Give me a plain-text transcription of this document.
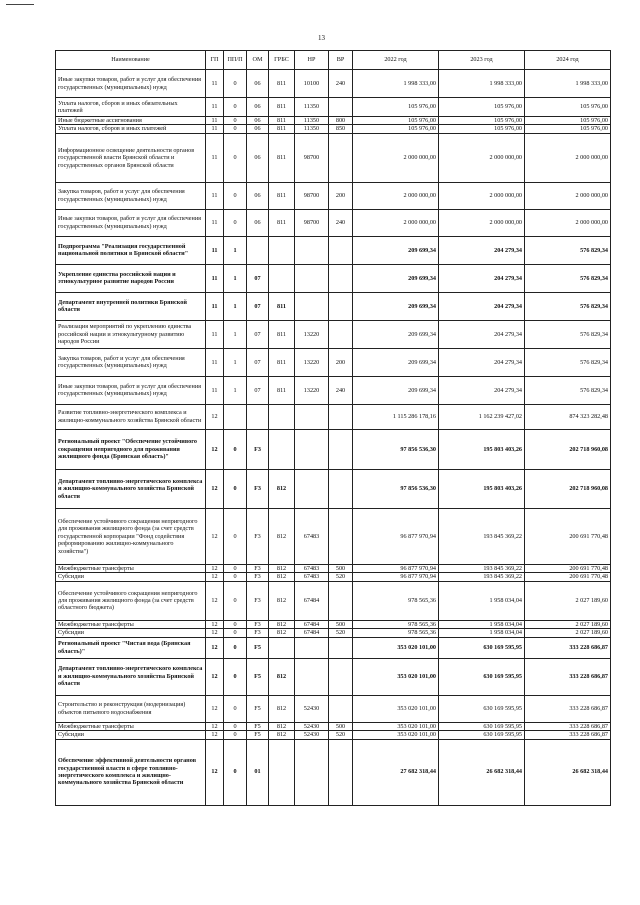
13
Наименование	ГП	ПП/П	ОМ	ГРБС	НР	ВР	2022 год	2023 год	2024 год
Иные закупки товаров, работ и услуг для обеспечения государственных (муниципальных) нужд	11	0	06	811	10100	240	1 998 333,00	1 998 333,00	1 998 333,00
Уплата налогов, сборов и иных обязательных платежей	11	0	06	811	11350		105 976,00	105 976,00	105 976,00
Иные бюджетные ассигнования	11	0	06	811	11350	800	105 976,00	105 976,00	105 976,00
Уплата налогов, сборов и иных платежей	11	0	06	811	11350	850	105 976,00	105 976,00	105 976,00
Информационное освещение деятельности органов государственной власти Брянской области и государственных органов Брянской области	11	0	06	811	98700		2 000 000,00	2 000 000,00	2 000 000,00
Закупка товаров, работ и услуг для обеспечения государственных (муниципальных) нужд	11	0	06	811	98700	200	2 000 000,00	2 000 000,00	2 000 000,00
Иные закупки товаров, работ и услуг для обеспечения государственных (муниципальных) нужд	11	0	06	811	98700	240	2 000 000,00	2 000 000,00	2 000 000,00
Подпрограмма "Реализация государственной национальной политики в Брянской области"	11	1					209 699,34	204 279,34	576 829,34
Укрепление единства российской нации и этнокультурное развитие народов России	11	1	07				209 699,34	204 279,34	576 829,34
Департамент внутренней политики Брянской области	11	1	07	811			209 699,34	204 279,34	576 829,34
Реализация мероприятий по укреплению единства российской нации и этнокультурному развитию народов России	11	1	07	811	13220		209 699,34	204 279,34	576 829,34
Закупка товаров, работ и услуг для обеспечения государственных (муниципальных) нужд	11	1	07	811	13220	200	209 699,34	204 279,34	576 829,34
Иные закупки товаров, работ и услуг для обеспечения государственных (муниципальных) нужд	11	1	07	811	13220	240	209 699,34	204 279,34	576 829,34
Развитие топливно-энергетического комплекса и жилищно-коммунального хозяйства Брянской области	12						1 115 286 178,16	1 162 239 427,02	874 323 282,48
Региональный проект "Обеспечение устойчивого сокращения непригодного для проживания жилищного фонда (Брянская область)"	12	0	F3				97 856 536,30	195 803 403,26	202 718 960,08
Департамент топливно-энергетического комплекса и жилищно-коммунального хозяйства Брянской области	12	0	F3	812			97 856 536,30	195 803 403,26	202 718 960,08
Обеспечение устойчивого сокращения непригодного для проживания жилищного фонда (за счет средств государственной корпорации "Фонд содействия реформированию жилищно-коммунального хозяйства")	12	0	F3	812	67483		96 877 970,94	193 845 369,22	200 691 770,48
Межбюджетные трансферты	12	0	F3	812	67483	500	96 877 970,94	193 845 369,22	200 691 770,48
Субсидии	12	0	F3	812	67483	520	96 877 970,94	193 845 369,22	200 691 770,48
Обеспечение устойчивого сокращения непригодного для проживания жилищного фонда (за счет средств областного бюджета)	12	0	F3	812	67484		978 565,36	1 958 034,04	2 027 189,60
Межбюджетные трансферты	12	0	F3	812	67484	500	978 565,36	1 958 034,04	2 027 189,60
Субсидии	12	0	F3	812	67484	520	978 565,36	1 958 034,04	2 027 189,60
Региональный проект "Чистая вода (Брянская область)"	12	0	F5				353 020 101,00	630 169 595,95	333 228 686,87
Департамент топливно-энергетического комплекса и жилищно-коммунального хозяйства Брянской области	12	0	F5	812			353 020 101,00	630 169 595,95	333 228 686,87
Строительство и реконструкция (модернизация) объектов питьевого водоснабжения	12	0	F5	812	52430		353 020 101,00	630 169 595,95	333 228 686,87
Межбюджетные трансферты	12	0	F5	812	52430	500	353 020 101,00	630 169 595,95	333 228 686,87
Субсидии	12	0	F5	812	52430	520	353 020 101,00	630 169 595,95	333 228 686,87
Обеспечение эффективной деятельности органов государственной власти в сфере топливно-энергетического комплекса и жилищно-коммунального хозяйства Брянской области	12	0	01				27 682 318,44	26 682 318,44	26 682 318,44
